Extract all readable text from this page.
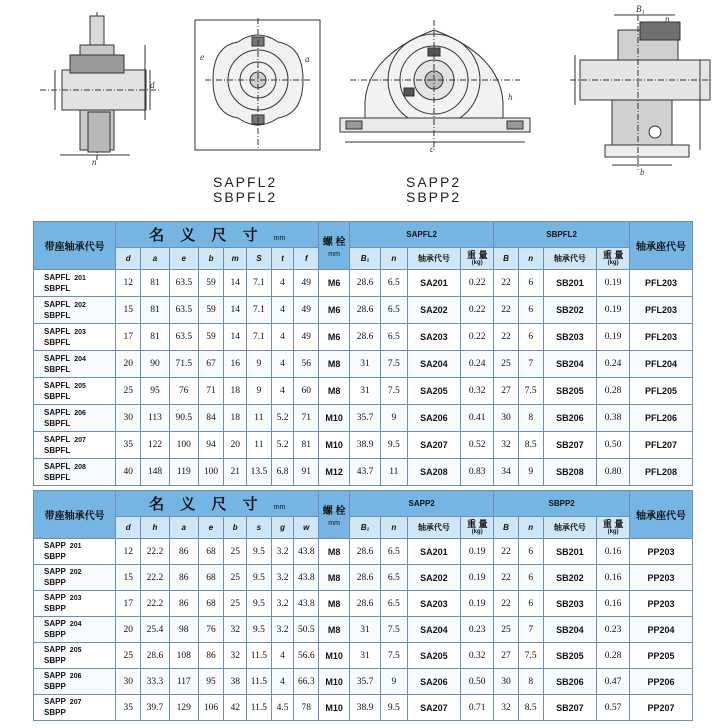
d
n
a
e
c
h
B₁
b
n
SAPFL2
SBPFL2
SAPP2
SBPP2
带座轴承代号	名 义 尺 寸 mm								螺 栓
mm	SAPFL2				SBPFL2				轴承座代号
	d	a	e	b	m	S	t	f		B₁	n	轴承代号	重 量
(kg)	B	n	轴承代号	重 量
(kg)	

SAPFL 201
SBPFL	12	81	63.5	59	14	7.1	4	49	M6	28.6	6.5	SA201	0.22	22	6	SB201	0.19	PFL203
SAPFL 202
SBPFL	15	81	63.5	59	14	7.1	4	49	M6	28.6	6.5	SA202	0.22	22	6	SB202	0.19	PFL203
SAPFL 203
SBPFL	17	81	63.5	59	14	7.1	4	49	M6	28.6	6.5	SA203	0.22	22	6	SB203	0.19	PFL203
SAPFL 204
SBPFL	20	90	71.5	67	16	9	4	56	M8	31	7.5	SA204	0.24	25	7	SB204	0.24	PFL204
SAPFL 205
SBPFL	25	95	76	71	18	9	4	60	M8	31	7.5	SA205	0.32	27	7.5	SB205	0.28	PFL205
SAPFL 206
SBPFL	30	113	90.5	84	18	11	5.2	71	M10	35.7	9	SA206	0.41	30	8	SB206	0.38	PFL206
SAPFL 207
SBPFL	35	122	100	94	20	11	5.2	81	M10	38.9	9.5	SA207	0.52	32	8.5	SB207	0.50	PFL207
SAPFL 208
SBPFL	40	148	119	100	21	13.5	6.8	91	M12	43.7	11	SA208	0.83	34	9	SB208	0.80	PFL208
带座轴承代号	名 义 尺 寸 mm								螺 栓
mm	SAPP2				SBPP2				轴承座代号
	d	h	a	e	b	s	g	w		B₁	n	轴承代号	重 量
(kg)	B	n	轴承代号	重 量
(kg)	

SAPP 201
SBPP	12	22.2	86	68	25	9.5	3.2	43.8	M8	28.6	6.5	SA201	0.19	22	6	SB201	0.16	PP203
SAPP 202
SBPP	15	22.2	86	68	25	9.5	3.2	43.8	M8	28.6	6.5	SA202	0.19	22	6	SB202	0.16	PP203
SAPP 203
SBPP	17	22.2	86	68	25	9.5	3.2	43.8	M8	28.6	6.5	SA203	0.19	22	6	SB203	0.16	PP203
SAPP 204
SBPP	20	25.4	98	76	32	9.5	3.2	50.5	M8	31	7.5	SA204	0.23	25	7	SB204	0.23	PP204
SAPP 205
SBPP	25	28.6	108	86	32	11.5	4	56.6	M10	31	7.5	SA205	0.32	27	7.5	SB205	0.28	PP205
SAPP 206
SBPP	30	33.3	117	95	38	11.5	4	66.3	M10	35.7	9	SA206	0.50	30	8	SB206	0.47	PP206
SAPP 207
SBPP	35	39.7	129	106	42	11.5	4.5	78	M10	38.9	9.5	SA207	0.71	32	8.5	SB207	0.57	PP207
